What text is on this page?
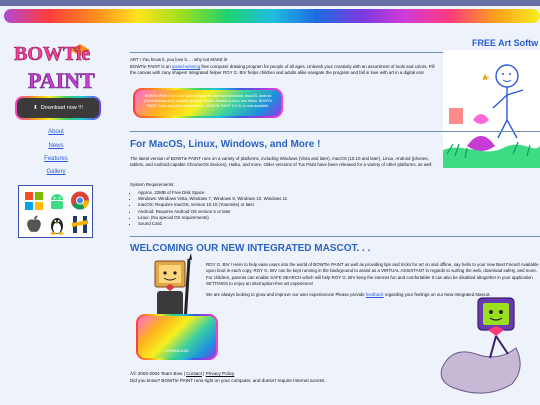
BOWTie
PAINT
⬇ Download now !!!
About
News
Features
Gallery
FREE Art Softw
ART ! You know it, you love it. . . why not MAKE it!
BOWTie PAINT is an award-winning free computer drawing program for people of all ages. Unleash your creativity with an assortment of tools and colors. Fill the canvas with zany shapes! Integrated helper ROY G. BIV helps children and adults alike navigate the program and fall in love with art in a digital era!
BOWTie PAINT 0.9.34 is now available for Microsoft Windows, macOS, Android (Chromebooks too), Android (arm64) Gnack, Android (Linux) and Haiku. BOWTie PAINT Color and other platforms too. BOWTie PAINT 0.9.31 is now available.
For MacOS, Linux, Windows, and More !
The latest version of BOWTie PAINT runs on a variety of platforms, including Windows (Vista and later), macOS (10.10 and later), Linux, Android (phones, tablets, and Android-capable ChromeOS devices), Haiku, and more. Older versions of Tux Paint have been released for a variety of other platforms, as well.
System Requirements:
• Approx. 22MB of Free Disk Space.
• Windows: Windows Vista, Windows 7, Windows 8, Windows 10, Windows 11
• macOS: Requires macOS, version 10.10 (Yosemite) or later
• Android: Requires Android OS version 5 or later
• Linux: (No special OS requirements)
• Sound Card.
WELCOMING OUR NEW INTEGRATED MASCOT. . .
DOWNLOAD
ROY G. BIV ! Here to help ease users into the world of BOWTie PAINT as well as providing tips and tricks for art on and offline, say hello to your new Best Friend! Available upon boot in each copy, ROY G. BIV can be kept running in the background to assist as a VIRTUAL ASSISTANT in regards to surfing the web, download safety, and more. For children, parents can enable SAFE SEARCH which will help ROY G. BIV keep the internet fun and comfortable! It can also be disabled altogether in your application SETTINGS to enjoy an interruption-free art experience!
We are always looking to grow and improve our user experiences! Please provide feedback regarding your feelings on our New Integrated Mascot.
Â© 2003-2004 Team Bow | Contact | Privacy Policy
Did you know? BOWTie PAINT runs right on your computer, and doesn't require Internet access.
